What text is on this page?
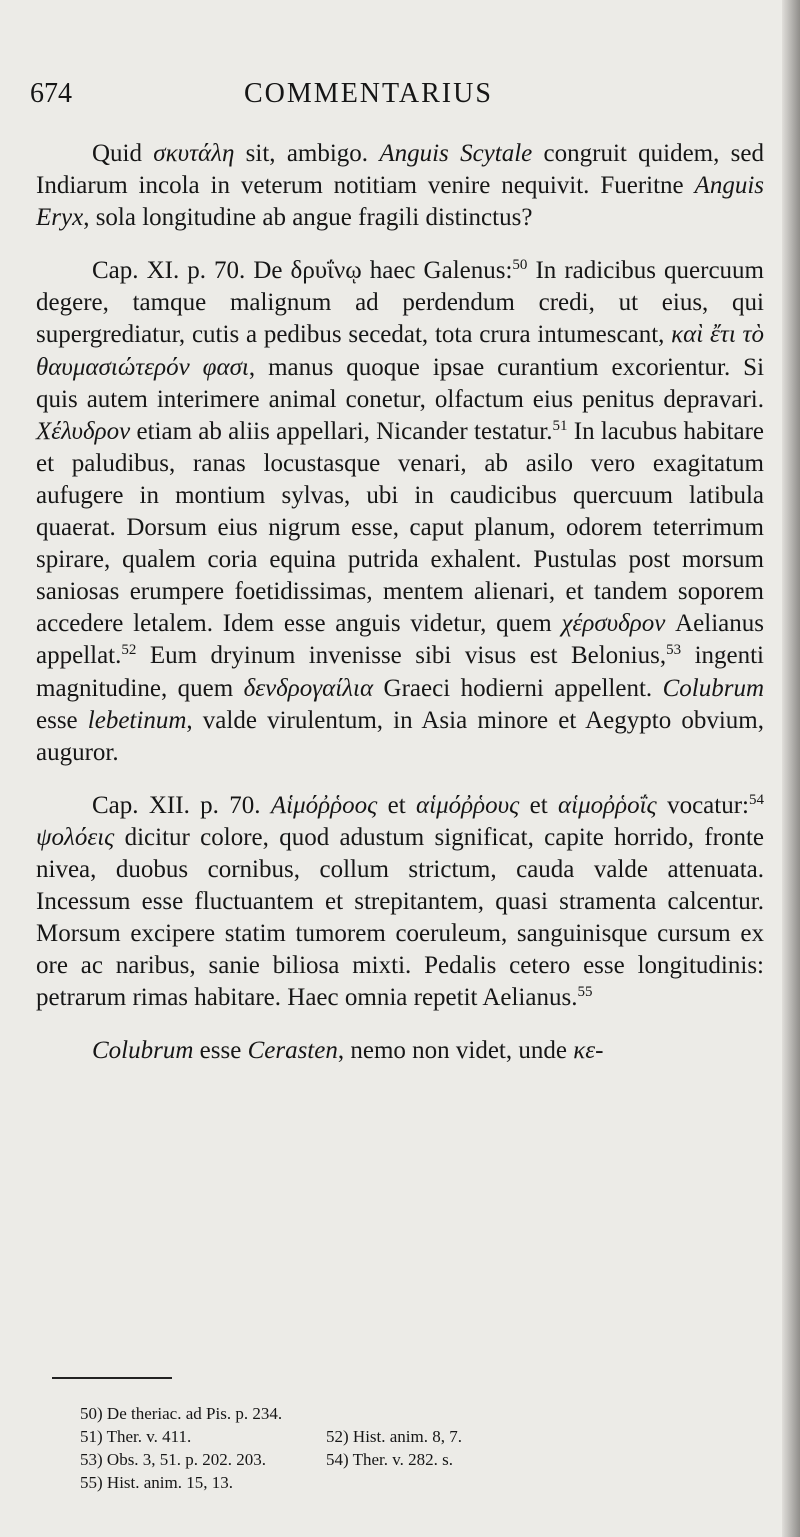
674	COMMENTARIUS

Quid σκυτάλη sit, ambigo. Anguis Scytale congruit quidem, sed Indiarum incola in veterum notitiam venire nequivit. Fueritne Anguis Eryx, sola longitudine ab angue fragili distinctus?

Cap. XI. p. 70. De δρυΐνῳ haec Galenus:$^{50}$ In radicibus quercuum degere, tamque malignum ad perdendum credi, ut eius, qui supergrediatur, cutis a pedibus secedat, tota crura intumescant, καὶ ἔτι τὸ θαυμασιώτερόν φασι, manus quoque ipsae curantium excorientur. Si quis autem interimere animal conetur, olfactum eius penitus depravari. Χέλυδρον etiam ab aliis appellari, Nicander testatur.$^{51}$ In lacubus habitare et paludibus, ranas locustasque venari, ab asilo vero exagitatum aufugere in montium sylvas, ubi in caudicibus quercuum latibula quaerat. Dorsum eius nigrum esse, caput planum, odorem teterrimum spirare, qualem coria equina putrida exhalent. Pustulas post morsum saniosas erumpere foetidissimas, mentem alienari, et tandem soporem accedere letalem. Idem esse anguis videtur, quem χέρσυδρον Aelianus appellat.$^{52}$ Eum dryinum invenisse sibi visus est Belonius,$^{53}$ ingenti magnitudine, quem δενδρογαίλια Graeci hodierni appellent. Colubrum esse lebetinum, valde virulentum, in Asia minore et Aegypto obvium, auguror.

Cap. XII. p. 70. Αἱμόῤῥοος et αἱμόῤῥους et αἱμοῤῥοΐς vocatur:$^{54}$ ψολόεις dicitur colore, quod adustum significat, capite horrido, fronte nivea, duobus cornibus, collum strictum, cauda valde attenuata. Incessum esse fluctuantem et strepitantem, quasi stramenta calcentur. Morsum excipere statim tumorem coeruleum, sanguinisque cursum ex ore ac naribus, sanie biliosa mixti. Pedalis cetero esse longitudinis: petrarum rimas habitare. Haec omnia repetit Aelianus.$^{55}$

Colubrum esse Cerasten, nemo non videt, unde κε-

50) De theriac. ad Pis. p. 234.
51) Ther. v. 411.	52) Hist. anim. 8, 7.
53) Obs. 3, 51. p. 202. 203.	54) Ther. v. 282. s.
55) Hist. anim. 15, 13.
